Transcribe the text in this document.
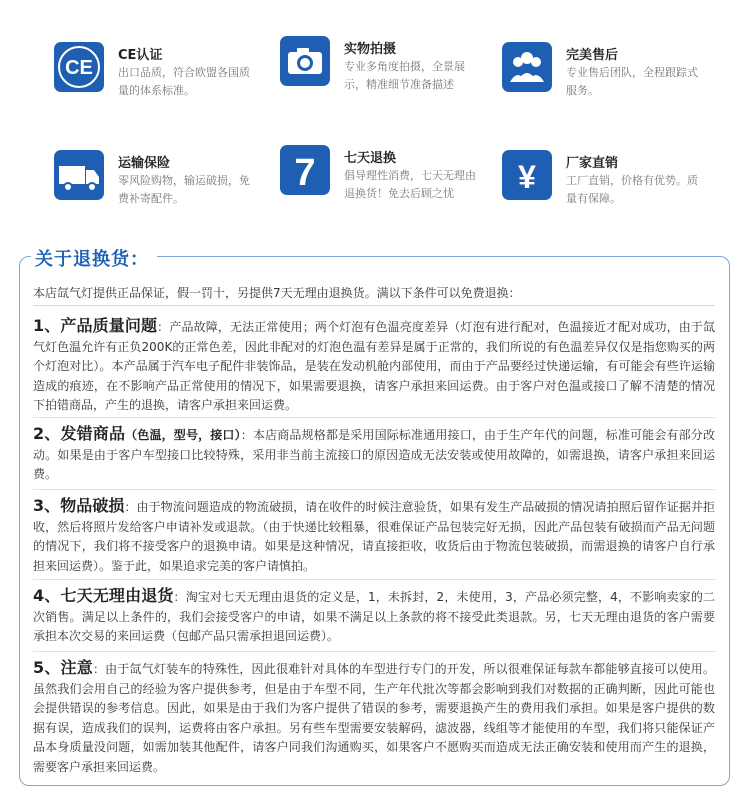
CE
CE认证
出口品质，符合欧盟各国质量的体系标准。
实物拍摄
专业多角度拍摄，全景展示，精准细节准备描述
完美售后
专业售后团队，全程跟踪式服务。
运输保险
零风险购物，输运破损，免费补寄配件。
7 七天退换
倡导理性消费，七天无理由退换货！免去后顾之忧	¥ 厂家直销
工厂直销，价格有优势。质量有保障。
关于退换货：
本店氙气灯提供正品保证，假一罚十，另提供7天无理由退换货。满以下条件可以免费退换：
1、产品质量问题：产品故障，无法正常使用；两个灯泡有色温亮度差异（灯泡有进行配对，色温接近才配对成功，由于氙气灯色温允许有正负200K的正常色差，因此非配对的灯泡色温有差异是属于正常的，我们所说的有色温差异仅仅是指您购买的两个灯泡对比）。本产品属于汽车电子配件非装饰品，是装在发动机舱内部使用，而由于产品要经过快递运输，有可能会有些许运输造成的痕迹，在不影响产品正常使用的情况下，如果需要退换，请客户承担来回运费。由于客户对色温或接口了解不清楚的情况下拍错商品，产生的退换，请客户承担来回运费。
2、发错商品（色温，型号，接口）：本店商品规格都是采用国际标准通用接口，由于生产年代的问题，标准可能会有部分改动。如果是由于客户车型接口比较特殊，采用非当前主流接口的原因造成无法安装或使用故障的，如需退换，请客户承担来回运费。
3、物品破损：由于物流问题造成的物流破损，请在收件的时候注意验货，如果有发生产品破损的情况请拍照后留作证据并拒收，然后将照片发给客户申请补发或退款。（由于快递比较粗暴，很难保证产品包装完好无损，因此产品包装有破损而产品无问题的情况下，我们将不接受客户的退换申请。如果是这种情况，请直接拒收，收货后由于物流包装破损，而需退换的请客户自行承担来回运费）。鉴于此，如果追求完美的客户请慎拍。
4、七天无理由退货：淘宝对七天无理由退货的定义是，1，未拆封，2，未使用，3，产品必须完整，4，不影响卖家的二次销售。满足以上条件的，我们会接受客户的申请，如果不满足以上条款的将不接受此类退款。另，七天无理由退货的客户需要承担本次交易的来回运费（包邮产品只需承担退回运费）。
5、注意：由于氙气灯装车的特殊性，因此很难针对具体的车型进行专门的开发，所以很难保证每款车都能够直接可以使用。虽然我们会用自己的经验为客户提供参考，但是由于车型不同，生产年代批次等都会影响到我们对数据的正确判断，因此可能也会提供错误的参考信息。因此，如果是由于我们为客户提供了错误的参考，需要退换产生的费用我们承担。如果是客户提供的数据有误，造成我们的误判，运费将由客户承担。另有些车型需要安装解码，滤波器，线组等才能使用的车型，我们将只能保证产品本身质量没问题，如需加装其他配件，请客户同我们沟通购买，如果客户不愿购买而造成无法正确安装和使用而产生的退换，需要客户承担来回运费。
